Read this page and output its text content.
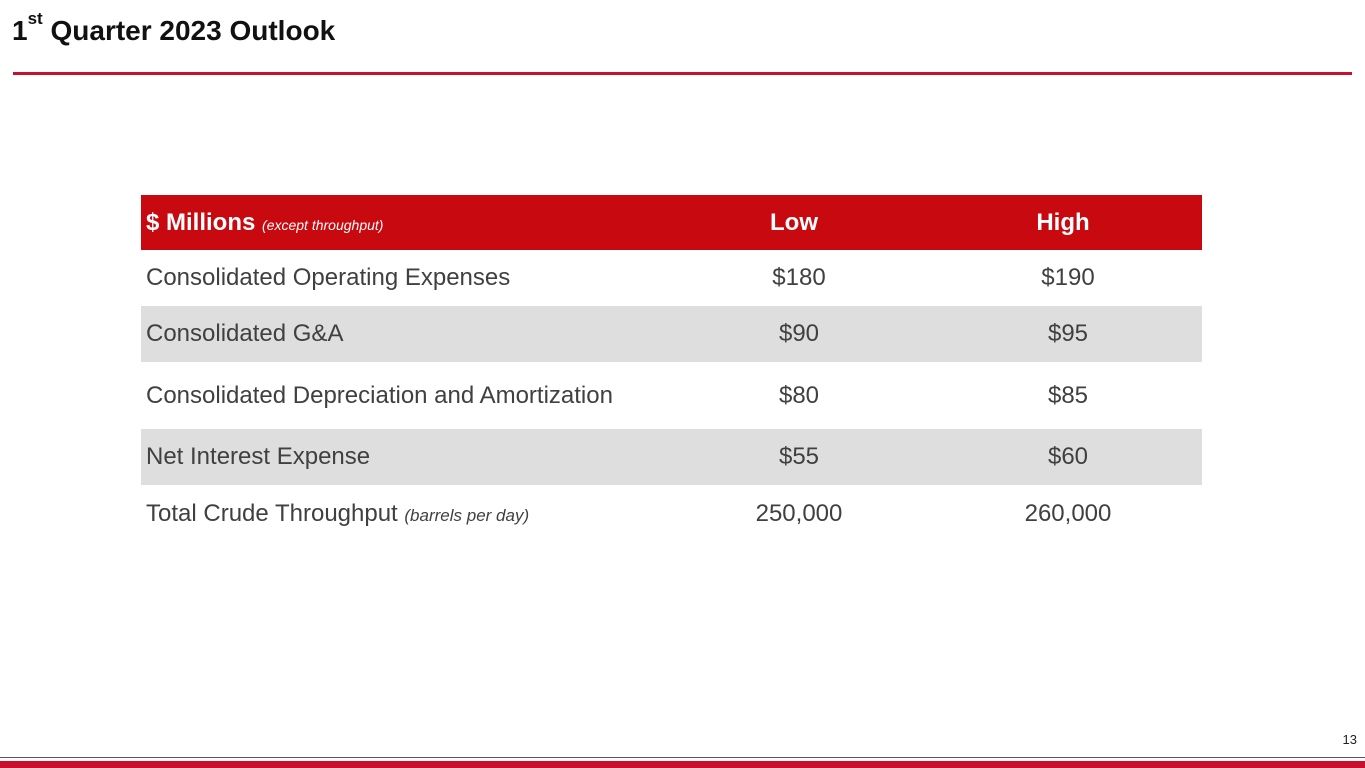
1st Quarter 2023 Outlook
$ Millions (except throughput)	Low	High
Consolidated Operating Expenses	$180	$190
Consolidated G&A	$90	$95
Consolidated Depreciation and Amortization	$80	$85
Net Interest Expense	$55	$60
Total Crude Throughput (barrels per day)	250,000	260,000
13
